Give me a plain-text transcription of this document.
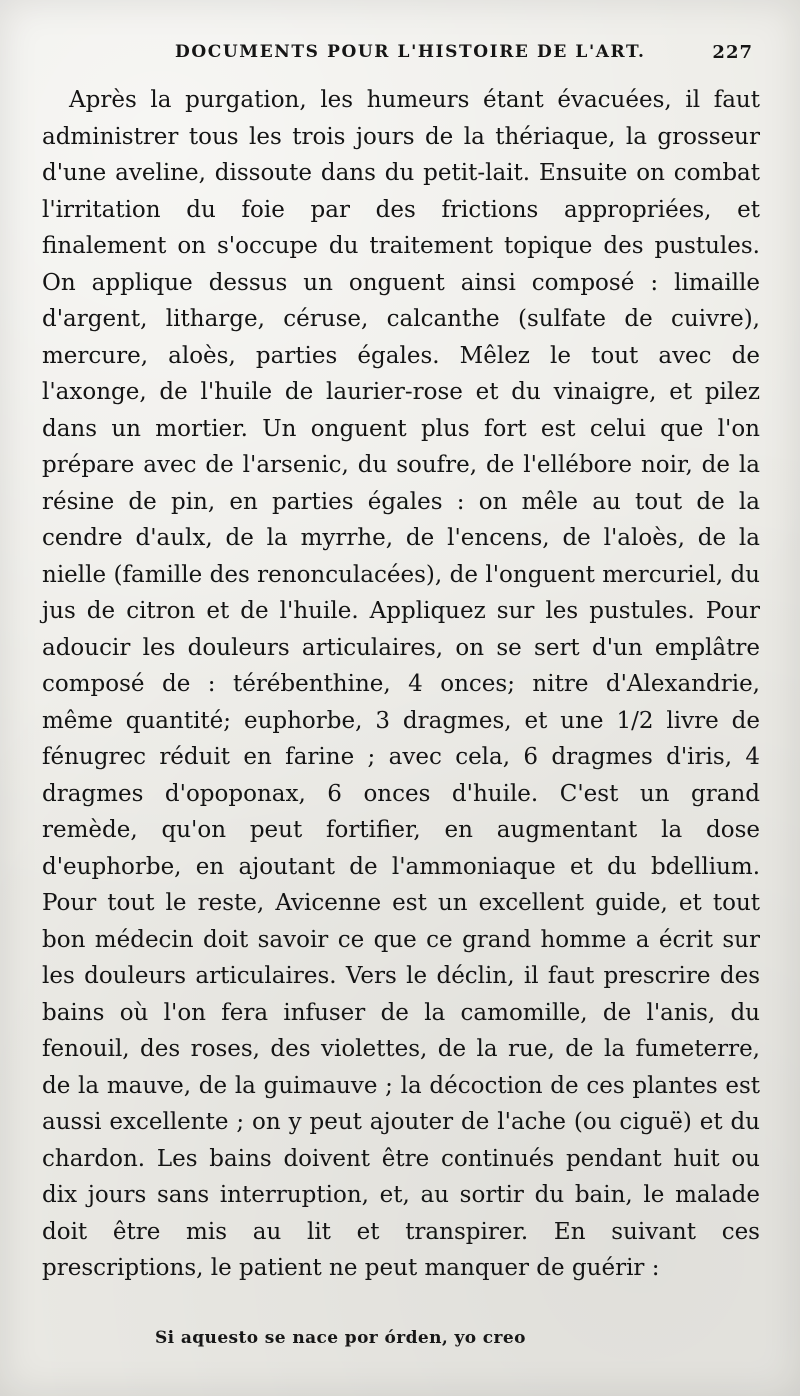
DOCUMENTS POUR L'HISTOIRE DE L'ART.	227

Après la purgation, les humeurs étant évacuées, il faut administrer tous les trois jours de la thériaque, la grosseur d'une aveline, dissoute dans du petit-lait. Ensuite on combat l'irritation du foie par des frictions appropriées, et finalement on s'occupe du traitement topique des pustules. On applique dessus un onguent ainsi composé : limaille d'argent, litharge, céruse, calcanthe (sulfate de cuivre), mercure, aloès, parties égales. Mêlez le tout avec de l'axonge, de l'huile de laurier-rose et du vinaigre, et pilez dans un mortier. Un onguent plus fort est celui que l'on prépare avec de l'arsenic, du soufre, de l'ellébore noir, de la résine de pin, en parties égales : on mêle au tout de la cendre d'aulx, de la myrrhe, de l'encens, de l'aloès, de la nielle (famille des renonculacées), de l'onguent mercuriel, du jus de citron et de l'huile. Appliquez sur les pustules. Pour adoucir les douleurs articulaires, on se sert d'un emplâtre composé de : térébenthine, 4 onces; nitre d'Alexandrie, même quantité; euphorbe, 3 dragmes, et une 1/2 livre de fénugrec réduit en farine ; avec cela, 6 dragmes d'iris, 4 dragmes d'opoponax, 6 onces d'huile. C'est un grand remède, qu'on peut fortifier, en augmentant la dose d'euphorbe, en ajoutant de l'ammoniaque et du bdellium. Pour tout le reste, Avicenne est un excellent guide, et tout bon médecin doit savoir ce que ce grand homme a écrit sur les douleurs articulaires. Vers le déclin, il faut prescrire des bains où l'on fera infuser de la camomille, de l'anis, du fenouil, des roses, des violettes, de la rue, de la fumeterre, de la mauve, de la guimauve ; la décoction de ces plantes est aussi excellente ; on y peut ajouter de l'ache (ou ciguë) et du chardon. Les bains doivent être continués pendant huit ou dix jours sans interruption, et, au sortir du bain, le malade doit être mis au lit et transpirer. En suivant ces prescriptions, le patient ne peut manquer de guérir :

Si aquesto se nace por órden, yo creo
